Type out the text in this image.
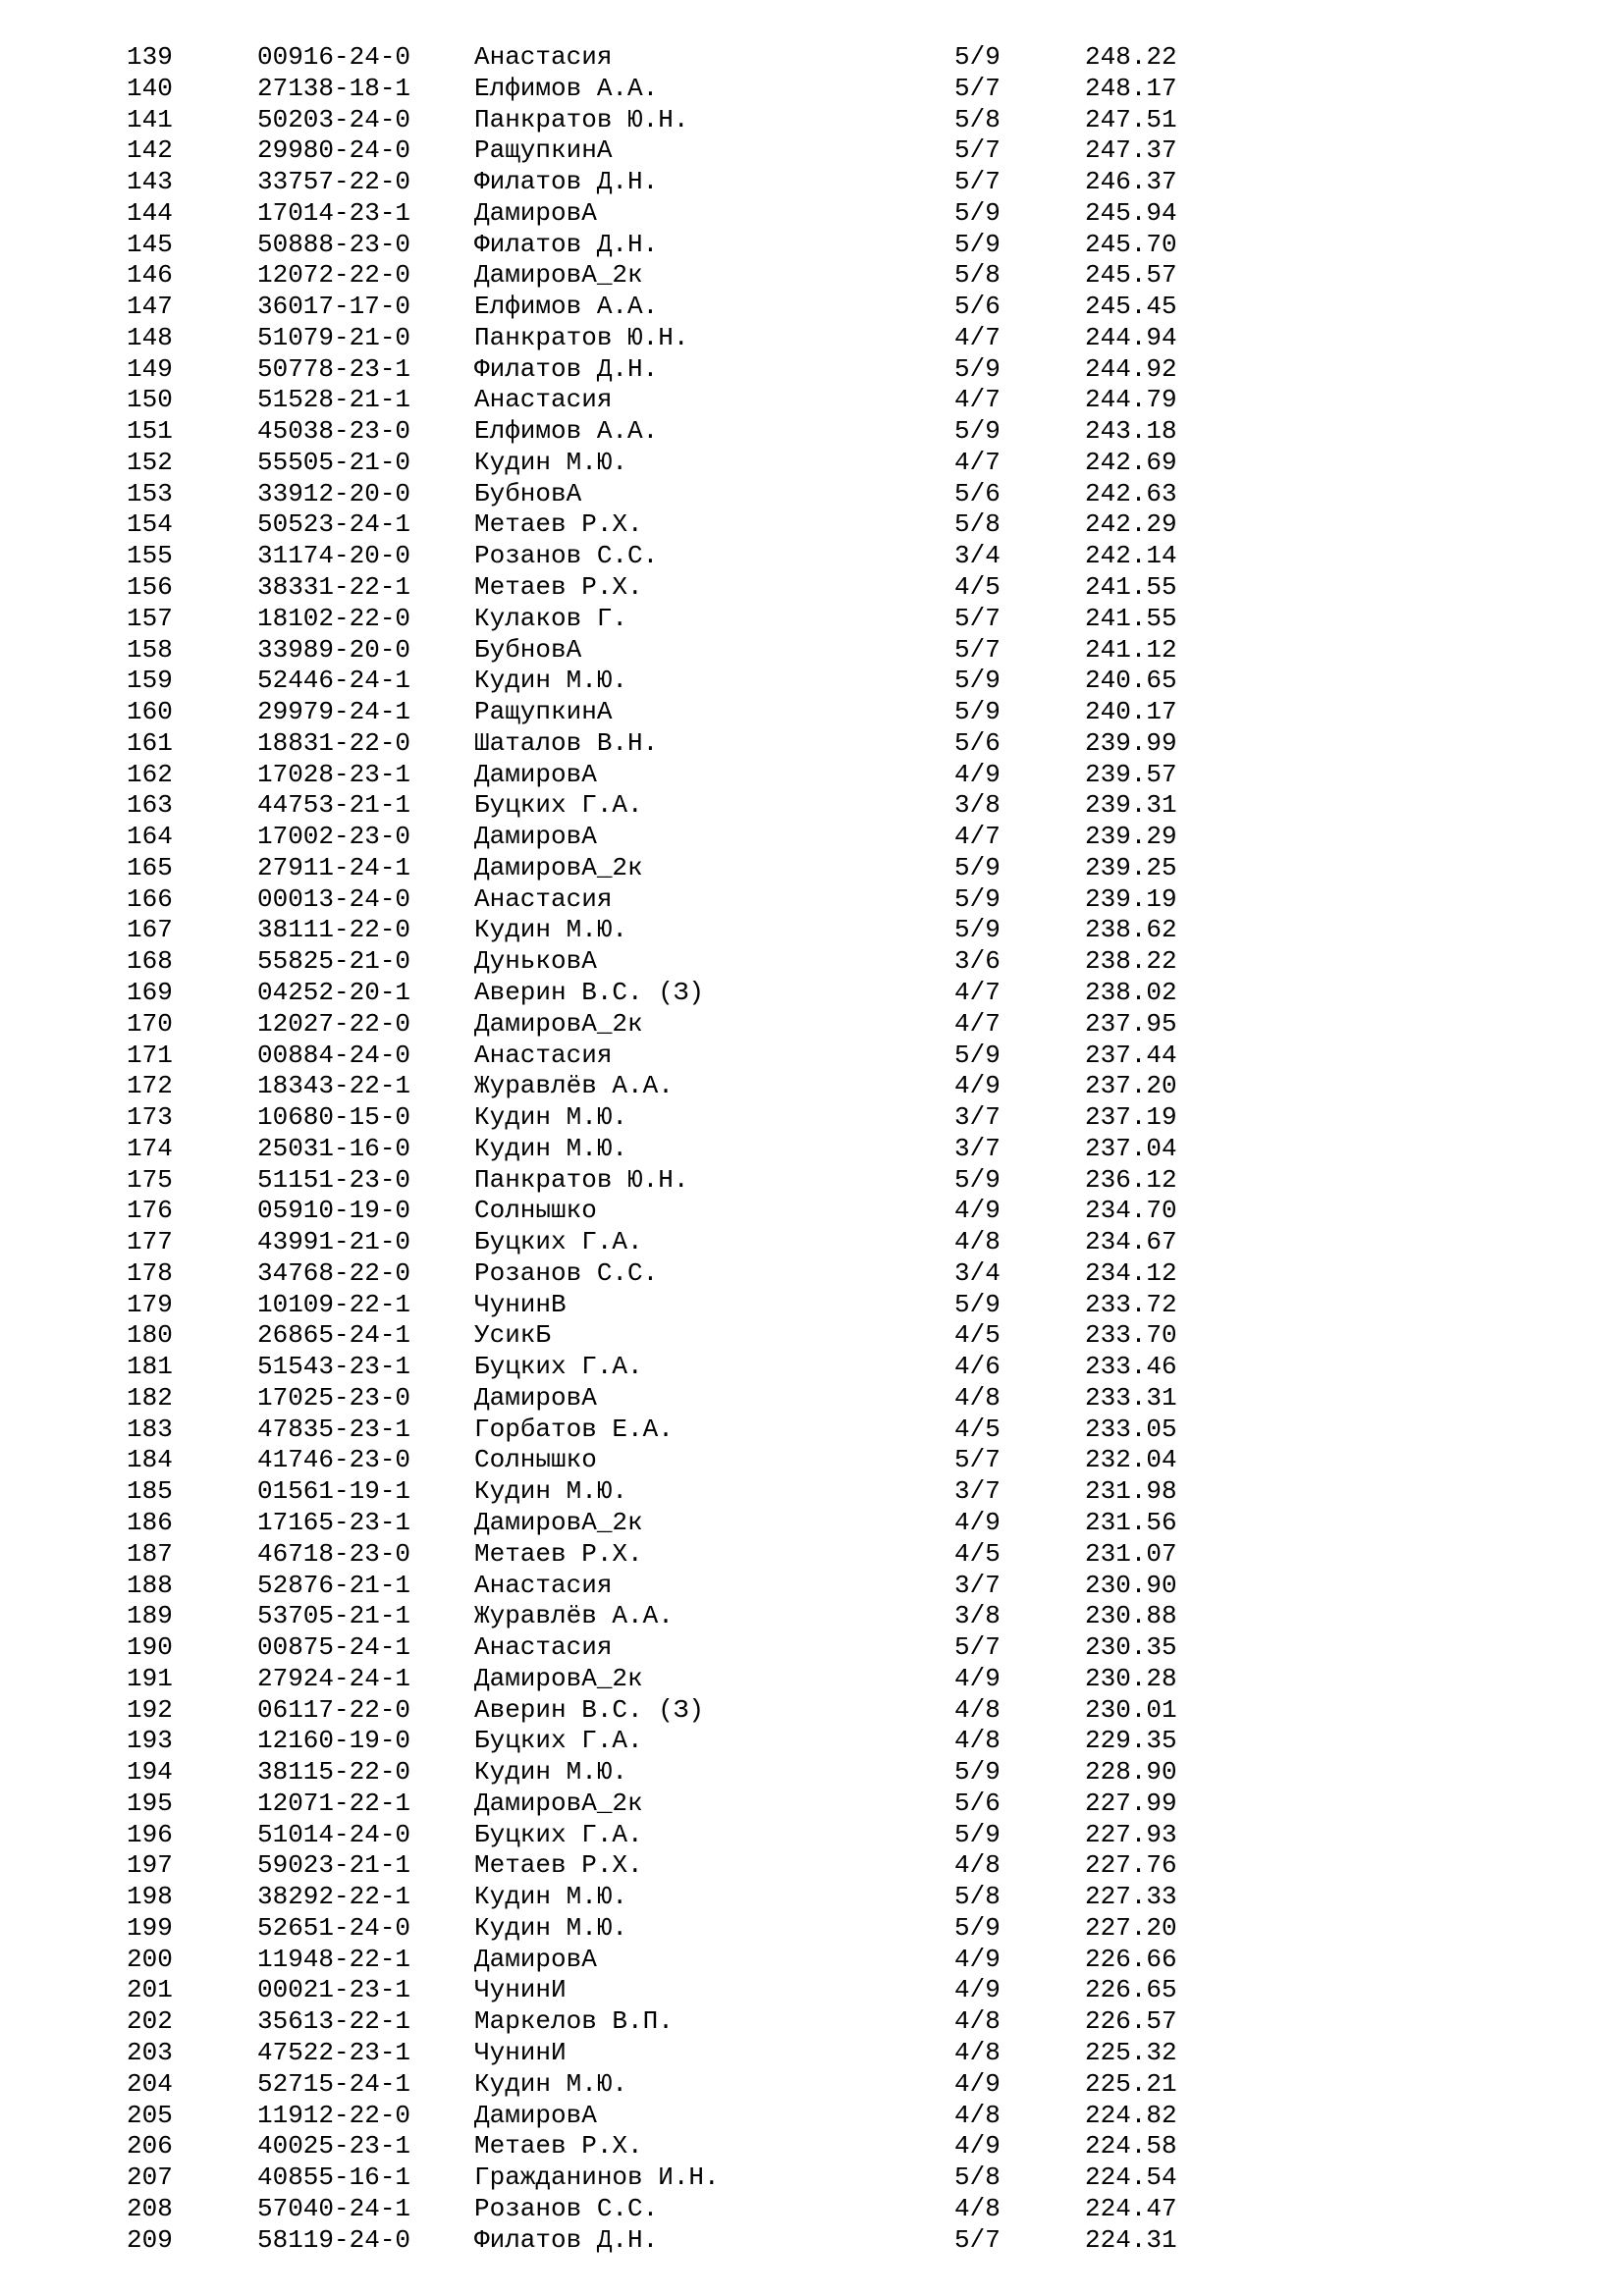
139	00916-24-0 Анастасия	5/9	248.22
140	27138-18-1 Елфимов А.А.	5/7	248.17
141	50203-24-0 Панкратов Ю.Н.	5/8	247.51
142	29980-24-0 РащупкинА	5/7	247.37
143	33757-22-0 Филатов Д.Н.	5/7	246.37
144	17014-23-1 ДамировА	5/9	245.94
145	50888-23-0 Филатов Д.Н.	5/9	245.70
146	12072-22-0 ДамировА_2к	5/8	245.57
147	36017-17-0 Елфимов А.А.	5/6	245.45
148	51079-21-0 Панкратов Ю.Н.	4/7	244.94
149	50778-23-1 Филатов Д.Н.	5/9	244.92
150	51528-21-1 Анастасия	4/7	244.79
151	45038-23-0 Елфимов А.А.	5/9	243.18
152	55505-21-0 Кудин М.Ю.	4/7	242.69
153	33912-20-0 БубновА	5/6	242.63
154	50523-24-1 Метаев Р.Х.	5/8	242.29
155	31174-20-0 Розанов С.С.	3/4	242.14
156	38331-22-1 Метаев Р.Х.	4/5	241.55
157	18102-22-0 Кулаков Г.	5/7	241.55
158	33989-20-0 БубновА	5/7	241.12
159	52446-24-1 Кудин М.Ю.	5/9	240.65
160	29979-24-1 РащупкинА	5/9	240.17
161	18831-22-0 Шаталов В.Н.	5/6	239.99
162	17028-23-1 ДамировА	4/9	239.57
163	44753-21-1 Буцких Г.А.	3/8	239.31
164	17002-23-0 ДамировА	4/7	239.29
165	27911-24-1 ДамировА_2к	5/9	239.25
166	00013-24-0 Анастасия	5/9	239.19
167	38111-22-0 Кудин М.Ю.	5/9	238.62
168	55825-21-0 ДуньковА	3/6	238.22
169	04252-20-1 Аверин В.С. (З)	4/7	238.02
170	12027-22-0 ДамировА_2к	4/7	237.95
171	00884-24-0 Анастасия	5/9	237.44
172	18343-22-1 Журавлёв А.А.	4/9	237.20
173	10680-15-0 Кудин М.Ю.	3/7	237.19
174	25031-16-0 Кудин М.Ю.	3/7	237.04
175	51151-23-0 Панкратов Ю.Н.	5/9	236.12
176	05910-19-0 Солнышко	4/9	234.70
177	43991-21-0 Буцких Г.А.	4/8	234.67
178	34768-22-0 Розанов С.С.	3/4	234.12
179	10109-22-1 ЧунинВ	5/9	233.72
180	26865-24-1 УсикБ	4/5	233.70
181	51543-23-1 Буцких Г.А.	4/6	233.46
182	17025-23-0 ДамировА	4/8	233.31
183	47835-23-1 Горбатов Е.А.	4/5	233.05
184	41746-23-0 Солнышко	5/7	232.04
185	01561-19-1 Кудин М.Ю.	3/7	231.98
186	17165-23-1 ДамировА_2к	4/9	231.56
187	46718-23-0 Метаев Р.Х.	4/5	231.07
188	52876-21-1 Анастасия	3/7	230.90
189	53705-21-1 Журавлёв А.А.	3/8	230.88
190	00875-24-1 Анастасия	5/7	230.35
191	27924-24-1 ДамировА_2к	4/9	230.28
192	06117-22-0 Аверин В.С. (З)	4/8	230.01
193	12160-19-0 Буцких Г.А.	4/8	229.35
194	38115-22-0 Кудин М.Ю.	5/9	228.90
195	12071-22-1 ДамировА_2к	5/6	227.99
196	51014-24-0 Буцких Г.А.	5/9	227.93
197	59023-21-1 Метаев Р.Х.	4/8	227.76
198	38292-22-1 Кудин М.Ю.	5/8	227.33
199	52651-24-0 Кудин М.Ю.	5/9	227.20
200	11948-22-1 ДамировА	4/9	226.66
201	00021-23-1 ЧунинИ	4/9	226.65
202	35613-22-1 Маркелов В.П.	4/8	226.57
203	47522-23-1 ЧунинИ	4/8	225.32
204	52715-24-1 Кудин М.Ю.	4/9	225.21
205	11912-22-0 ДамировА	4/8	224.82
206	40025-23-1 Метаев Р.Х.	4/9	224.58
207	40855-16-1 Гражданинов И.Н.	5/8	224.54
208	57040-24-1 Розанов С.С.	4/8	224.47
209	58119-24-0 Филатов Д.Н.	5/7	224.31
